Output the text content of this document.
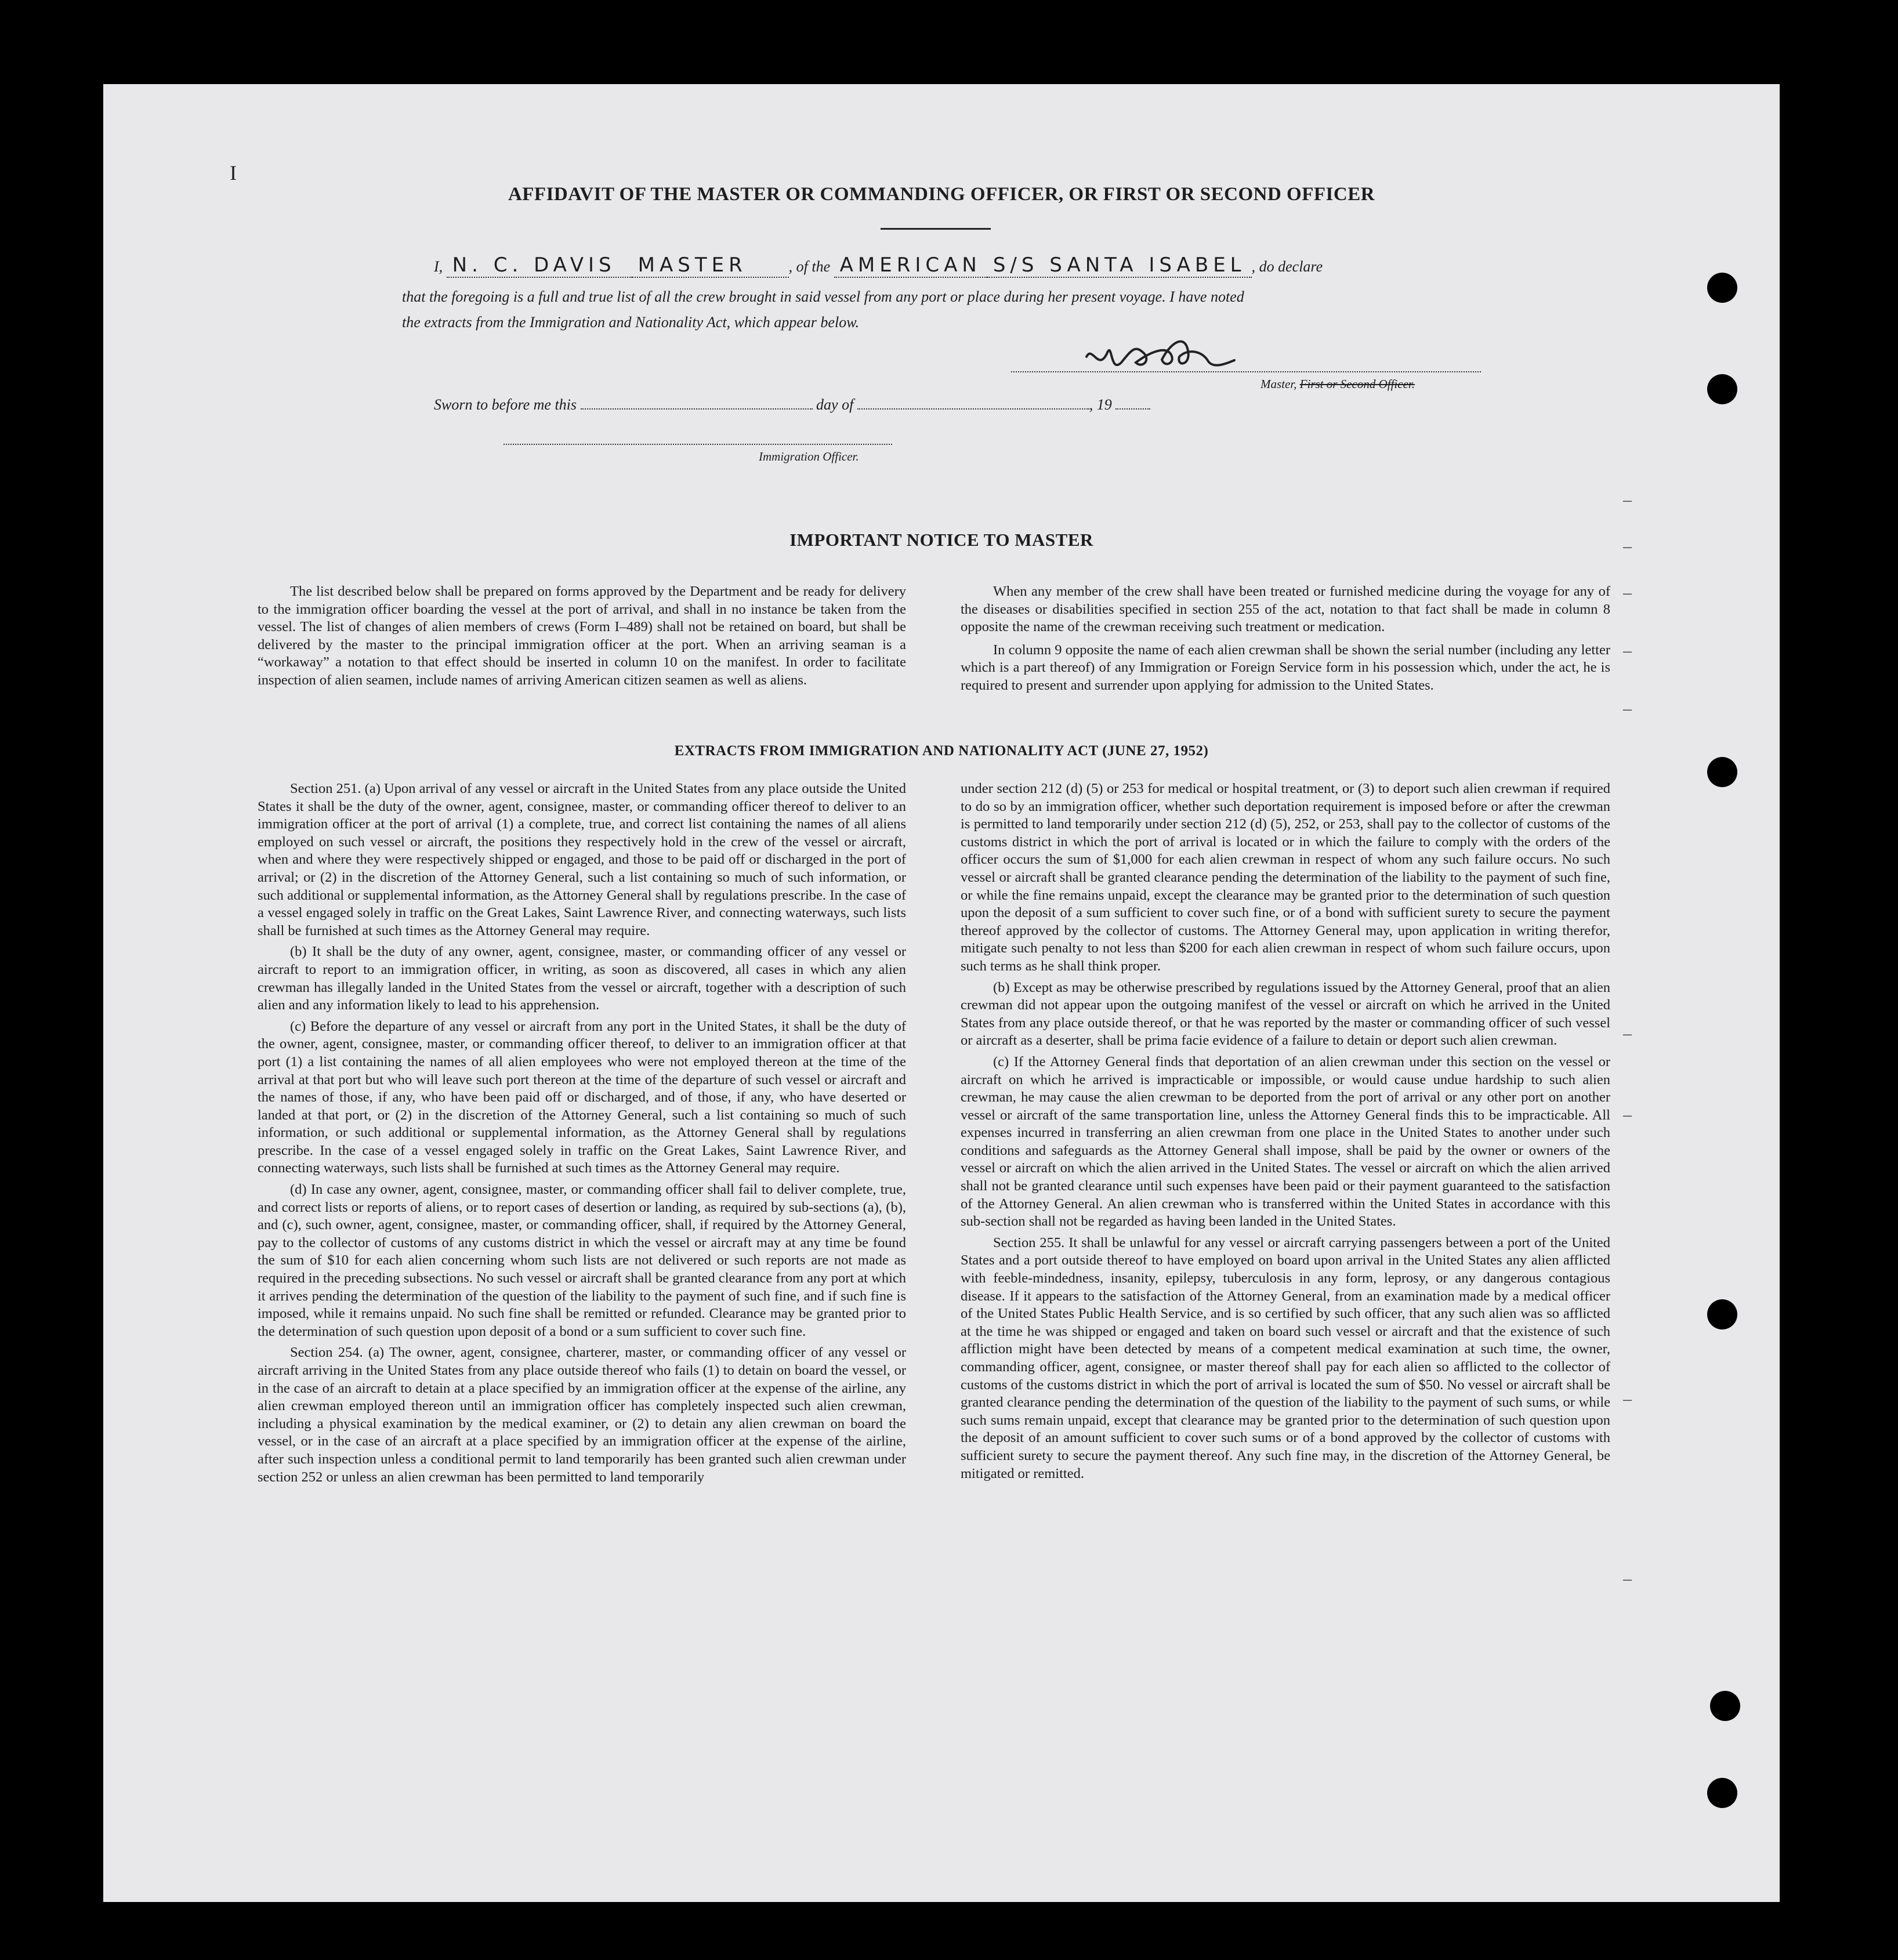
I
AFFIDAVIT OF THE MASTER OR COMMANDING OFFICER, OR FIRST OR SECOND OFFICER
I, N. C. DAVIS MASTER	, of the AMERICAN S/S SANTA ISABEL , do declare
that the foregoing is a full and true list of all the crew brought in said vessel from any port or place during her present voyage. I have noted
the extracts from the Immigration and Nationality Act, which appear below.
Master, First or Second Officer.
Sworn to before me this	day of	, 19
Immigration Officer.
IMPORTANT NOTICE TO MASTER

The list described below shall be prepared on forms approved by the Department and be ready for delivery to the immigration officer boarding the vessel at the port of arrival, and shall in no instance be taken from the vessel. The list of changes of alien members of crews (Form I–489) shall not be retained on board, but shall be delivered by the master to the principal immigration officer at the port. When an arriving seaman is a “workaway” a notation to that effect should be inserted in column 10 on the manifest. In order to facilitate inspection of alien seamen, include names of arriving American citizen seamen as well as aliens.

When any member of the crew shall have been treated or furnished medicine during the voyage for any of the diseases or disabilities specified in section 255 of the act, notation to that fact shall be made in column 8 opposite the name of the crewman receiving such treatment or medication.

In column 9 opposite the name of each alien crewman shall be shown the serial number (including any letter which is a part thereof) of any Immigration or Foreign Service form in his possession which, under the act, he is required to present and surrender upon applying for admission to the United States.

EXTRACTS FROM IMMIGRATION AND NATIONALITY ACT (JUNE 27, 1952)

Section 251. (a) Upon arrival of any vessel or aircraft in the United States from any place outside the United States it shall be the duty of the owner, agent, consignee, master, or commanding officer thereof to deliver to an immigration officer at the port of arrival (1) a complete, true, and correct list containing the names of all aliens employed on such vessel or aircraft, the positions they respectively hold in the crew of the vessel or aircraft, when and where they were respectively shipped or engaged, and those to be paid off or discharged in the port of arrival; or (2) in the discretion of the Attorney General, such a list containing so much of such information, or such additional or supplemental information, as the Attorney General shall by regulations prescribe. In the case of a vessel engaged solely in traffic on the Great Lakes, Saint Lawrence River, and connecting waterways, such lists shall be furnished at such times as the Attorney General may require.

(b) It shall be the duty of any owner, agent, consignee, master, or commanding officer of any vessel or aircraft to report to an immigration officer, in writing, as soon as discovered, all cases in which any alien crewman has illegally landed in the United States from the vessel or aircraft, together with a description of such alien and any information likely to lead to his apprehension.

(c) Before the departure of any vessel or aircraft from any port in the United States, it shall be the duty of the owner, agent, consignee, master, or commanding officer thereof, to deliver to an immigration officer at that port (1) a list containing the names of all alien employees who were not employed thereon at the time of the arrival at that port but who will leave such port thereon at the time of the departure of such vessel or aircraft and the names of those, if any, who have been paid off or discharged, and of those, if any, who have deserted or landed at that port, or (2) in the discretion of the Attorney General, such a list containing so much of such information, or such additional or supplemental information, as the Attorney General shall by regulations prescribe. In the case of a vessel engaged solely in traffic on the Great Lakes, Saint Lawrence River, and connecting waterways, such lists shall be furnished at such times as the Attorney General may require.

(d) In case any owner, agent, consignee, master, or commanding officer shall fail to deliver complete, true, and correct lists or reports of aliens, or to report cases of desertion or landing, as required by sub-sections (a), (b), and (c), such owner, agent, consignee, master, or commanding officer, shall, if required by the Attorney General, pay to the collector of customs of any customs district in which the vessel or aircraft may at any time be found the sum of $10 for each alien concerning whom such lists are not delivered or such reports are not made as required in the preceding subsections. No such vessel or aircraft shall be granted clearance from any port at which it arrives pending the determination of the question of the liability to the payment of such fine, and if such fine is imposed, while it remains unpaid. No such fine shall be remitted or refunded. Clearance may be granted prior to the determination of such question upon deposit of a bond or a sum sufficient to cover such fine.

Section 254. (a) The owner, agent, consignee, charterer, master, or commanding officer of any vessel or aircraft arriving in the United States from any place outside thereof who fails (1) to detain on board the vessel, or in the case of an aircraft to detain at a place specified by an immigration officer at the expense of the airline, any alien crewman employed thereon until an immigration officer has completely inspected such alien crewman, including a physical examination by the medical examiner, or (2) to detain any alien crewman on board the vessel, or in the case of an aircraft at a place specified by an immigration officer at the expense of the airline, after such inspection unless a conditional permit to land temporarily has been granted such alien crewman under section 252 or unless an alien crewman has been permitted to land temporarily

under section 212 (d) (5) or 253 for medical or hospital treatment, or (3) to deport such alien crewman if required to do so by an immigration officer, whether such deportation requirement is imposed before or after the crewman is permitted to land temporarily under section 212 (d) (5), 252, or 253, shall pay to the collector of customs of the customs district in which the port of arrival is located or in which the failure to comply with the orders of the officer occurs the sum of $1,000 for each alien crewman in respect of whom any such failure occurs. No such vessel or aircraft shall be granted clearance pending the determination of the liability to the payment of such fine, or while the fine remains unpaid, except the clearance may be granted prior to the determination of such question upon the deposit of a sum sufficient to cover such fine, or of a bond with sufficient surety to secure the payment thereof approved by the collector of customs. The Attorney General may, upon application in writing therefor, mitigate such penalty to not less than $200 for each alien crewman in respect of whom such failure occurs, upon such terms as he shall think proper.

(b) Except as may be otherwise prescribed by regulations issued by the Attorney General, proof that an alien crewman did not appear upon the outgoing manifest of the vessel or aircraft on which he arrived in the United States from any place outside thereof, or that he was reported by the master or commanding officer of such vessel or aircraft as a deserter, shall be prima facie evidence of a failure to detain or deport such alien crewman.

(c) If the Attorney General finds that deportation of an alien crewman under this section on the vessel or aircraft on which he arrived is impracticable or impossible, or would cause undue hardship to such alien crewman, he may cause the alien crewman to be deported from the port of arrival or any other port on another vessel or aircraft of the same transportation line, unless the Attorney General finds this to be impracticable. All expenses incurred in transferring an alien crewman from one place in the United States to another under such conditions and safeguards as the Attorney General shall impose, shall be paid by the owner or owners of the vessel or aircraft on which the alien arrived in the United States. The vessel or aircraft on which the alien arrived shall not be granted clearance until such expenses have been paid or their payment guaranteed to the satisfaction of the Attorney General. An alien crewman who is transferred within the United States in accordance with this sub-section shall not be regarded as having been landed in the United States.

Section 255. It shall be unlawful for any vessel or aircraft carrying passengers between a port of the United States and a port outside thereof to have employed on board upon arrival in the United States any alien afflicted with feeble-mindedness, insanity, epilepsy, tuberculosis in any form, leprosy, or any dangerous contagious disease. If it appears to the satisfaction of the Attorney General, from an examination made by a medical officer of the United States Public Health Service, and is so certified by such officer, that any such alien was so afflicted at the time he was shipped or engaged and taken on board such vessel or aircraft and that the existence of such affliction might have been detected by means of a competent medical examination at such time, the owner, commanding officer, agent, consignee, or master thereof shall pay for each alien so afflicted to the collector of customs of the customs district in which the port of arrival is located the sum of $50. No vessel or aircraft shall be granted clearance pending the determination of the question of the liability to the payment of such sums, or while such sums remain unpaid, except that clearance may be granted prior to the determination of such question upon the deposit of an amount sufficient to cover such sums or of a bond approved by the collector of customs with sufficient surety to secure the payment thereof. Any such fine may, in the discretion of the Attorney General, be mitigated or remitted.

–
–
–
–
–
–
–
–
–
